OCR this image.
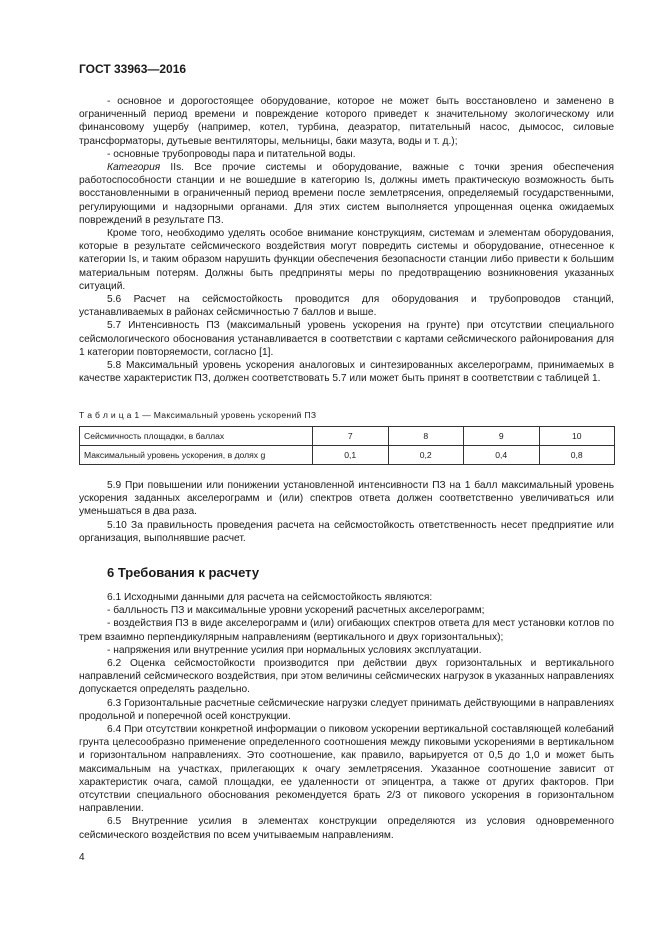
ГОСТ 33963—2016

- основное и дорогостоящее оборудование, которое не может быть восстановлено и заменено в ограниченный период времени и повреждение которого приведет к значительному экологическому или финансовому ущербу (например, котел, турбина, деаэратор, питательный насос, дымосос, силовые трансформаторы, дутьевые вентиляторы, мельницы, баки мазута, воды и т. д.);

- основные трубопроводы пара и питательной воды.

Категория IIs. Все прочие системы и оборудование, важные с точки зрения обеспечения работоспособности станции и не вошедшие в категорию Is, должны иметь практическую возможность быть восстановленными в ограниченный период времени после землетрясения, определяемый государственными, регулирующими и надзорными органами. Для этих систем выполняется упрощенная оценка ожидаемых повреждений в результате ПЗ.

Кроме того, необходимо уделять особое внимание конструкциям, системам и элементам оборудования, которые в результате сейсмического воздействия могут повредить системы и оборудование, отнесенное к категории Is, и таким образом нарушить функции обеспечения безопасности станции либо привести к большим материальным потерям. Должны быть предприняты меры по предотвращению возникновения указанных ситуаций.

5.6 Расчет на сейсмостойкость проводится для оборудования и трубопроводов станций, устанавливаемых в районах сейсмичностью 7 баллов и выше.

5.7 Интенсивность ПЗ (максимальный уровень ускорения на грунте) при отсутствии специального сейсмологического обоснования устанавливается в соответствии с картами сейсмического районирования для 1 категории повторяемости, согласно [1].

5.8 Максимальный уровень ускорения аналоговых и синтезированных акселерограмм, принимаемых в качестве характеристик ПЗ, должен соответствовать 5.7 или может быть принят в соответствии с таблицей 1.

Т а б л и ц а 1 — Максимальный уровень ускорений ПЗ
Сейсмичность площадки, в баллах	7	8	9	10
Максимальный уровень ускорения, в долях g	0,1	0,2	0,4	0,8

5.9 При повышении или понижении установленной интенсивности ПЗ на 1 балл максимальный уровень ускорения заданных акселерограмм и (или) спектров ответа должен соответственно увеличиваться или уменьшаться в два раза.

5.10 За правильность проведения расчета на сейсмостойкость ответственность несет предприятие или организация, выполнявшие расчет.

6 Требования к расчету

6.1 Исходными данными для расчета на сейсмостойкость являются:

- балльность ПЗ и максимальные уровни ускорений расчетных акселерограмм;

- воздействия ПЗ в виде акселерограмм и (или) огибающих спектров ответа для мест установки котлов по трем взаимно перпендикулярным направлениям (вертикального и двух горизонтальных);

- напряжения или внутренние усилия при нормальных условиях эксплуатации.

6.2 Оценка сейсмостойкости производится при действии двух горизонтальных и вертикального направлений сейсмического воздействия, при этом величины сейсмических нагрузок в указанных направлениях допускается определять раздельно.

6.3 Горизонтальные расчетные сейсмические нагрузки следует принимать действующими в направлениях продольной и поперечной осей конструкции.

6.4 При отсутствии конкретной информации о пиковом ускорении вертикальной составляющей колебаний грунта целесообразно применение определенного соотношения между пиковыми ускорениями в вертикальном и горизонтальном направлениях. Это соотношение, как правило, варьируется от 0,5 до 1,0 и может быть максимальным на участках, прилегающих к очагу землетрясения. Указанное соотношение зависит от характеристик очага, самой площадки, ее удаленности от эпицентра, а также от других факторов. При отсутствии специального обоснования рекомендуется брать 2/3 от пикового ускорения в горизонтальном направлении.

6.5 Внутренние усилия в элементах конструкции определяются из условия одновременного сейсмического воздействия по всем учитываемым направлениям.

4
